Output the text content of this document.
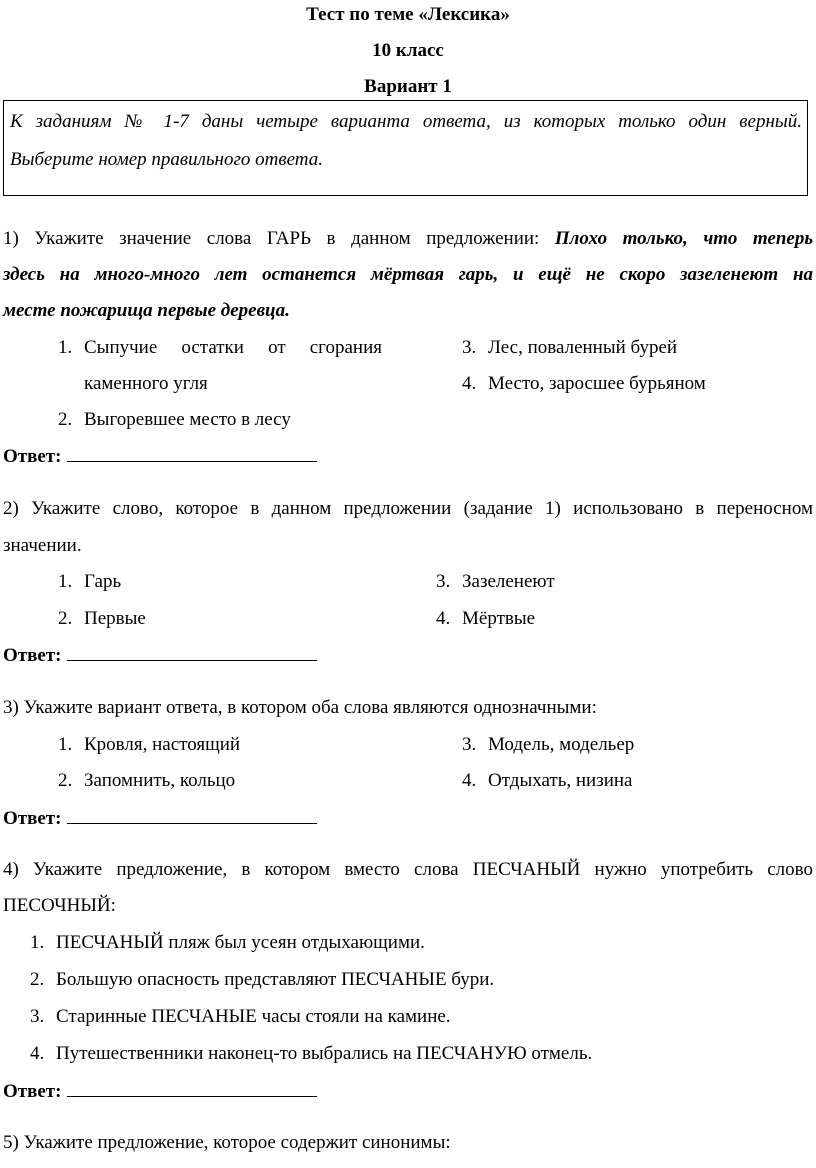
Тест по теме «Лексика»
10 класс
Вариант 1
К заданиям № 1-7 даны четыре варианта ответа, из которых только один верный.
Выберите номер правильного ответа.
1) Укажите значение слова ГАРЬ в данном предложении: Плохо только, что теперь
здесь на много-много лет останется мёртвая гарь, и ещё не скоро зазеленеют на
месте пожарища первые деревца.
1. Сыпучие остатки от сгорания
каменного угля
2. Выгоревшее место в лесу
3. Лес, поваленный бурей
4. Место, заросшее бурьяном
Ответ:
2) Укажите слово, которое в данном предложении (задание 1) использовано в переносном
значении.
1. Гарь
2. Первые
3. Зазеленеют
4. Мёртвые
Ответ:
3) Укажите вариант ответа, в котором оба слова являются однозначными:
1. Кровля, настоящий
2. Запомнить, кольцо
3. Модель, модельер
4. Отдыхать, низина
Ответ:
4) Укажите предложение, в котором вместо слова ПЕСЧАНЫЙ нужно употребить слово
ПЕСОЧНЫЙ:
1. ПЕСЧАНЫЙ пляж был усеян отдыхающими.
2. Большую опасность представляют ПЕСЧАНЫЕ бури.
3. Старинные ПЕСЧАНЫЕ часы стояли на камине.
4. Путешественники наконец-то выбрались на ПЕСЧАНУЮ отмель.
Ответ:
5) Укажите предложение, которое содержит синонимы:
